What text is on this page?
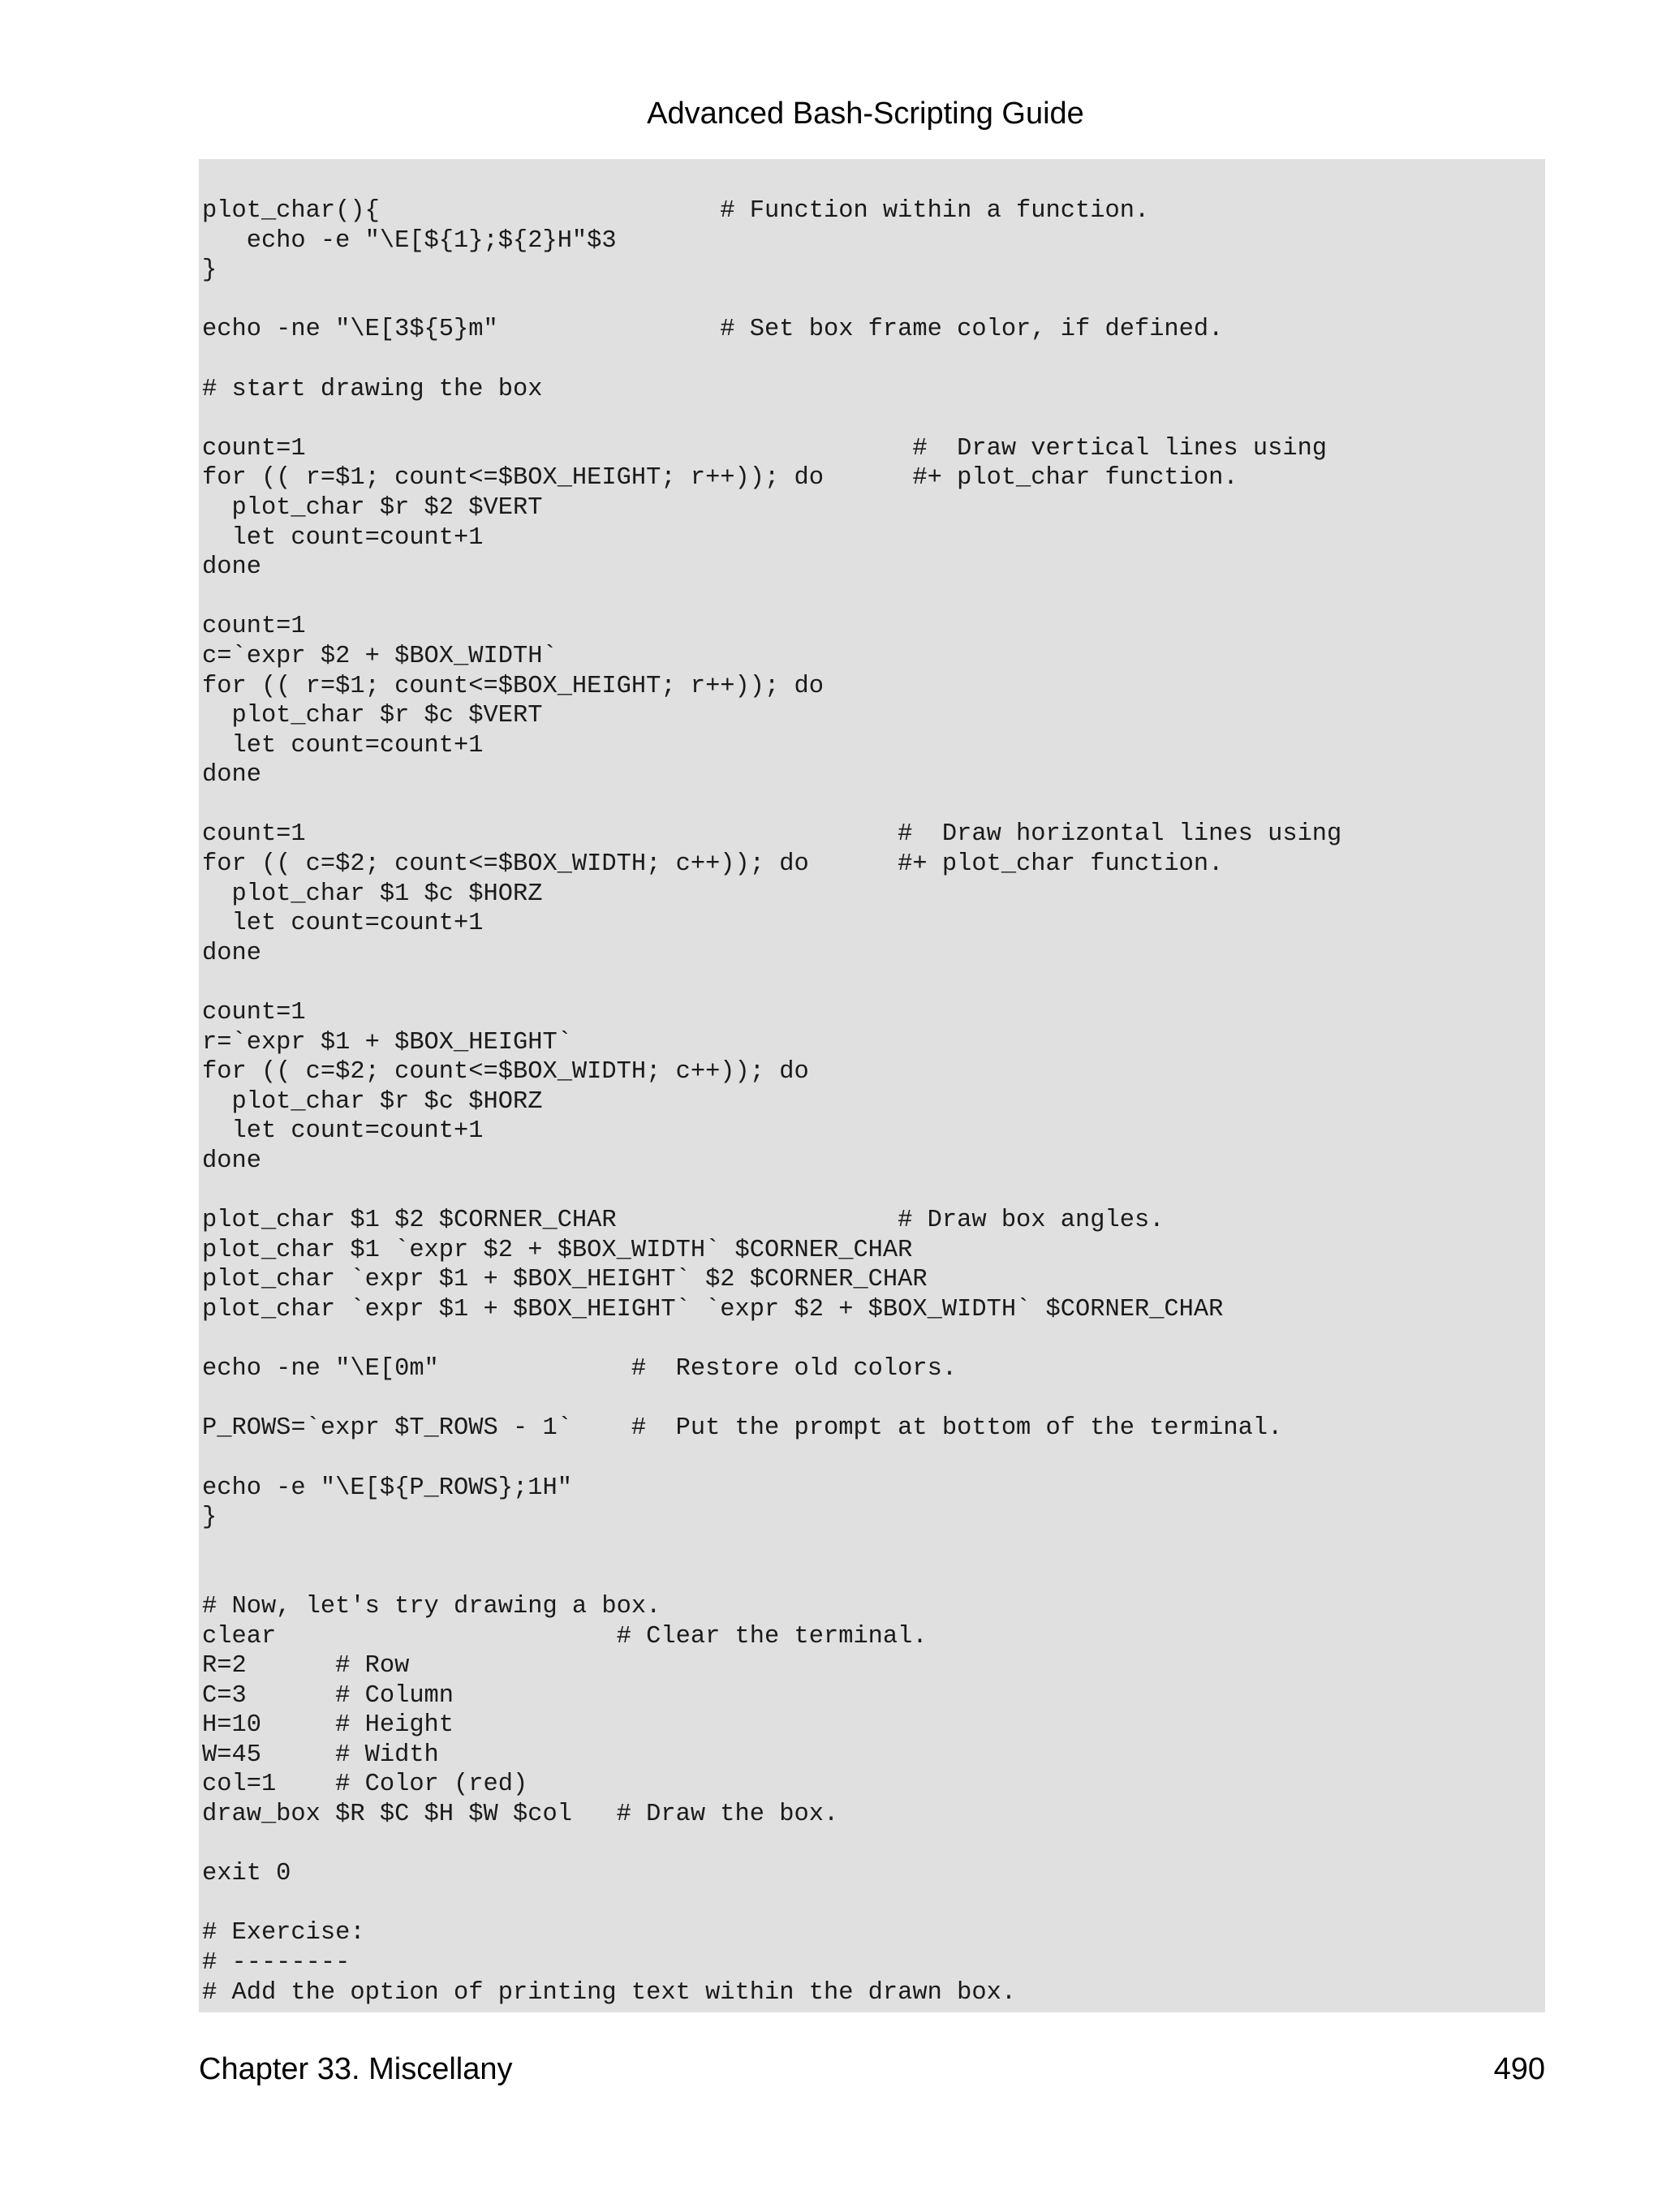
Advanced Bash-Scripting Guide
plot_char(){                       # Function within a function.
echo -e "\E[${1};${2}H"$3
}
echo -ne "\E[3${5}m"               # Set box frame color, if defined.
# start drawing the box
count=1                                         #  Draw vertical lines using
for (( r=$1; count<=$BOX_HEIGHT; r++)); do      #+ plot_char function.
plot_char $r $2 $VERT
let count=count+1
done
count=1
c=`expr $2 + $BOX_WIDTH`
for (( r=$1; count<=$BOX_HEIGHT; r++)); do
plot_char $r $c $VERT
let count=count+1
done
count=1                                        #  Draw horizontal lines using
for (( c=$2; count<=$BOX_WIDTH; c++)); do      #+ plot_char function.
plot_char $1 $c $HORZ
let count=count+1
done
count=1
r=`expr $1 + $BOX_HEIGHT`
for (( c=$2; count<=$BOX_WIDTH; c++)); do
plot_char $r $c $HORZ
let count=count+1
done
plot_char $1 $2 $CORNER_CHAR                   # Draw box angles.
plot_char $1 `expr $2 + $BOX_WIDTH` $CORNER_CHAR
plot_char `expr $1 + $BOX_HEIGHT` $2 $CORNER_CHAR
plot_char `expr $1 + $BOX_HEIGHT` `expr $2 + $BOX_WIDTH` $CORNER_CHAR
echo -ne "\E[0m"             #  Restore old colors.
P_ROWS=`expr $T_ROWS - 1`    #  Put the prompt at bottom of the terminal.
echo -e "\E[${P_ROWS};1H"
}
# Now, let's try drawing a box.
clear                       # Clear the terminal.
R=2      # Row
C=3      # Column
H=10     # Height
W=45     # Width
col=1    # Color (red)
draw_box $R $C $H $W $col   # Draw the box.
exit 0
# Exercise:
# --------
# Add the option of printing text within the drawn box.
Chapter 33. Miscellany	490
